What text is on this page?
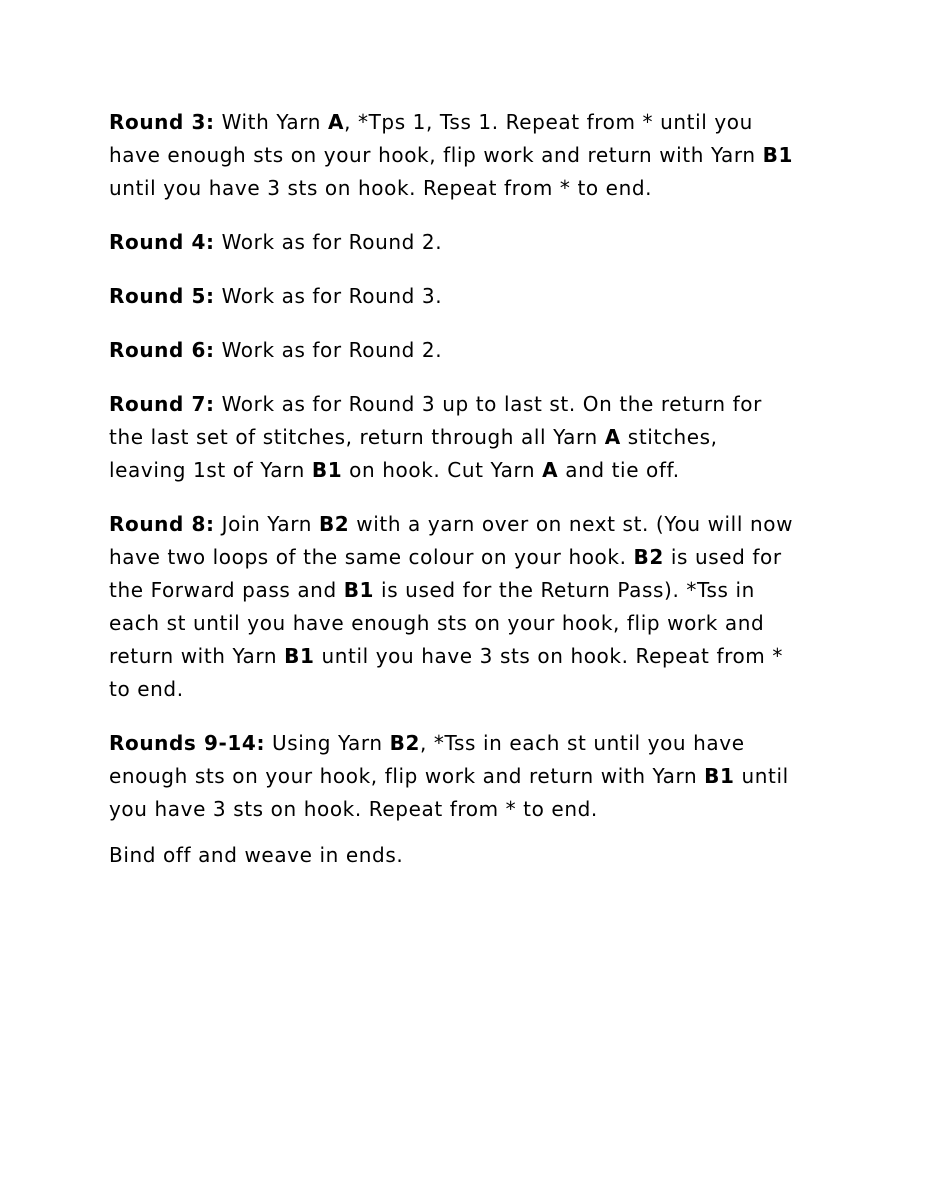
Round 3: With Yarn A, *Tps 1, Tss 1. Repeat from * until you have enough sts on your hook, flip work and return with Yarn B1 until you have 3 sts on hook. Repeat from * to end.

Round 4: Work as for Round 2.

Round 5: Work as for Round 3.

Round 6: Work as for Round 2.

Round 7: Work as for Round 3 up to last st. On the return for the last set of stitches, return through all Yarn A stitches, leaving 1st of Yarn B1 on hook. Cut Yarn A and tie off.

Round 8: Join Yarn B2 with a yarn over on next st. (You will now have two loops of the same colour on your hook. B2 is used for the Forward pass and B1 is used for the Return Pass). *Tss in each st until you have enough sts on your hook, flip work and return with Yarn B1 until you have 3 sts on hook. Repeat from * to end.

Rounds 9-14: Using Yarn B2, *Tss in each st until you have enough sts on your hook, flip work and return with Yarn B1 until you have 3 sts on hook. Repeat from * to end.

Bind off and weave in ends.
